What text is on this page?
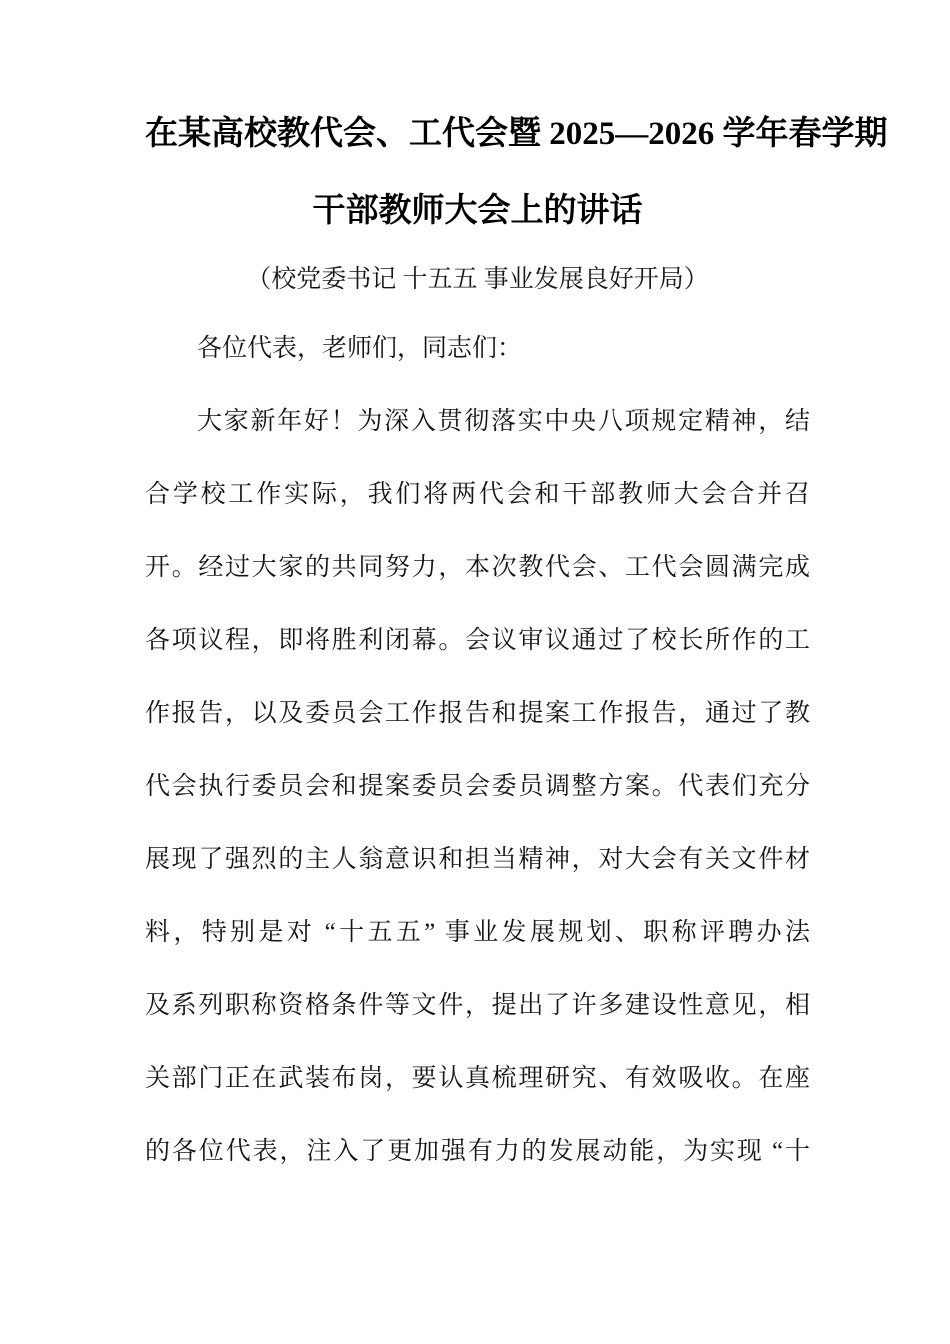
在某高校教代会、工代会暨 2025—2026 学年春学期
干部教师大会上的讲话
（校党委书记 十五五 事业发展良好开局）
各位代表，老师们，同志们：
大家新年好！为深入贯彻落实中央八项规定精神，结
合学校工作实际，我们将两代会和干部教师大会合并召
开。经过大家的共同努力，本次教代会、工代会圆满完成
各项议程，即将胜利闭幕。会议审议通过了校长所作的工
作报告，以及委员会工作报告和提案工作报告，通过了教
代会执行委员会和提案委员会委员调整方案。代表们充分
展现了强烈的主人翁意识和担当精神，对大会有关文件材
料，特别是对 “十五五” 事业发展规划、职称评聘办法
及系列职称资格条件等文件，提出了许多建设性意见，相
关部门正在武装布岗，要认真梳理研究、有效吸收。在座
的各位代表，注入了更加强有力的发展动能，为实现 “十
